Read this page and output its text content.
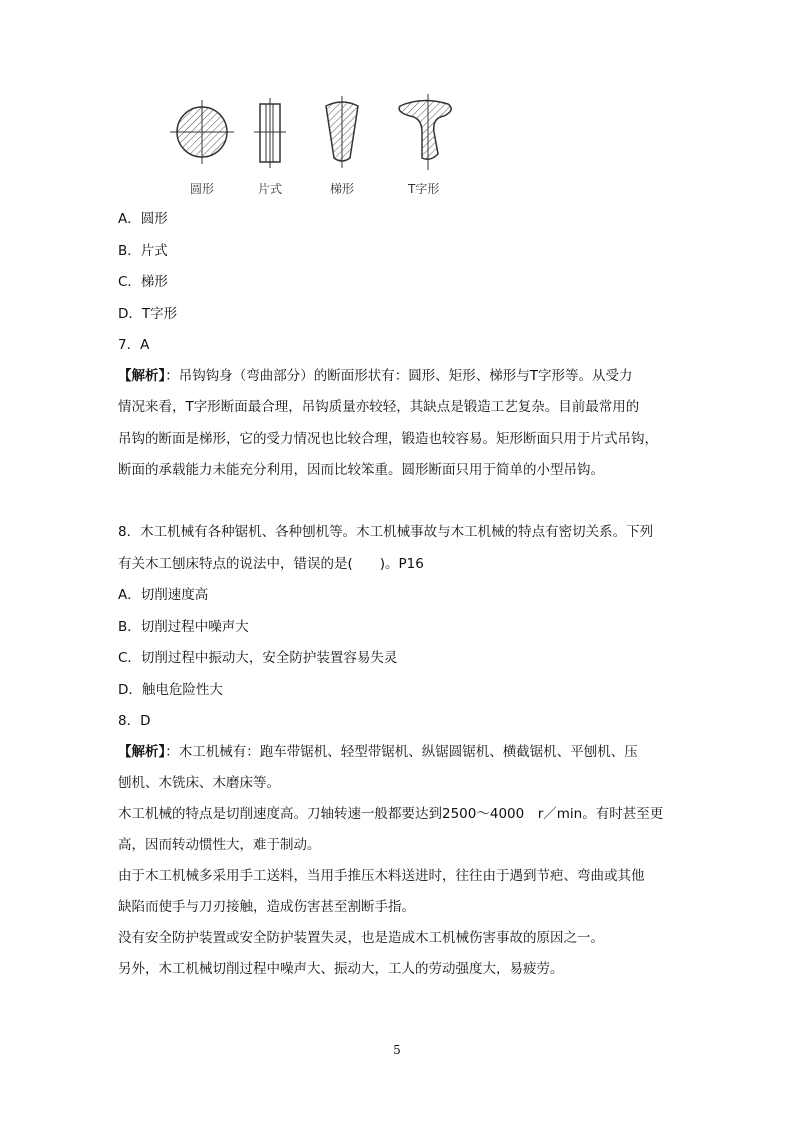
圆形	片式	梯形	T字形
A．圆形
B．片式
C．梯形
D．T字形
7．A
【解析】：吊钩钩身（弯曲部分）的断面形状有：圆形、矩形、梯形与T字形等。从受力
情况来看，T字形断面最合理，吊钩质量亦较轻，其缺点是锻造工艺复杂。目前最常用的
吊钩的断面是梯形，它的受力情况也比较合理，锻造也较容易。矩形断面只用于片式吊钩，
断面的承载能力未能充分利用，因而比较笨重。圆形断面只用于简单的小型吊钩。
8．木工机械有各种锯机、各种刨机等。木工机械事故与木工机械的特点有密切关系。下列
有关木工刨床特点的说法中，错误的是(　　)。P16
A．切削速度高
B．切削过程中噪声大
C．切削过程中振动大，安全防护装置容易失灵
D．触电危险性大
8．D
【解析】：木工机械有：跑车带锯机、轻型带锯机、纵锯圆锯机、横截锯机、平刨机、压
刨机、木铣床、木磨床等。
木工机械的特点是切削速度高。刀轴转速一般都要达到2500～4000　r／min。有时甚至更
高，因而转动惯性大，难于制动。
由于木工机械多采用手工送料，当用手推压木料送进时，往往由于遇到节疤、弯曲或其他
缺陷而使手与刀刃接触，造成伤害甚至割断手指。
没有安全防护装置或安全防护装置失灵，也是造成木工机械伤害事故的原因之一。
另外，木工机械切削过程中噪声大、振动大，工人的劳动强度大，易疲劳。
5
